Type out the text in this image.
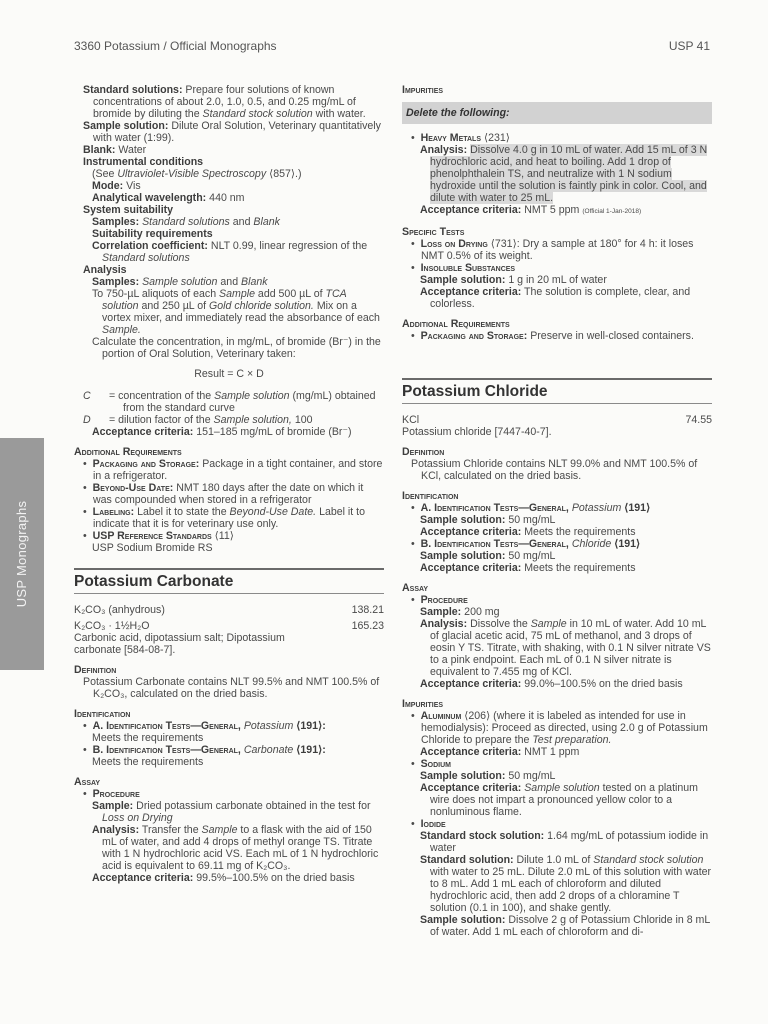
3360 Potassium / Official Monographs	USP 41
USP Monographs

Standard solutions: Prepare four solutions of known concentrations of about 2.0, 1.0, 0.5, and 0.25 mg/mL of bromide by diluting the Standard stock solution with water.

Sample solution: Dilute Oral Solution, Veterinary quantitatively with water (1:99).

Blank: Water

Instrumental conditions

(See Ultraviolet-Visible Spectroscopy ⟨857⟩.)

Mode: Vis

Analytical wavelength: 440 nm

System suitability

Samples: Standard solutions and Blank

Suitability requirements

Correlation coefficient: NLT 0.99, linear regression of the Standard solutions

Analysis

Samples: Sample solution and Blank

To 750-µL aliquots of each Sample add 500 µL of TCA solution and 250 µL of Gold chloride solution. Mix on a vortex mixer, and immediately read the absorbance of each Sample.

Calculate the concentration, in mg/mL, of bromide (Br⁻) in the portion of Oral Solution, Veterinary taken:

Result = C × D

C	= concentration of the Sample solution (mg/mL) obtained from the standard curve
D	= dilution factor of the Sample solution, 100

Acceptance criteria: 151–185 mg/mL of bromide (Br⁻)

Additional Requirements

• Packaging and Storage: Package in a tight container, and store in a refrigerator.

• Beyond-Use Date: NMT 180 days after the date on which it was compounded when stored in a refrigerator

• Labeling: Label it to state the Beyond-Use Date. Label it to indicate that it is for veterinary use only.

• USP Reference Standards ⟨11⟩

USP Sodium Bromide RS

Potassium Carbonate
K₂CO₃ (anhydrous)	138.21
K₂CO₃ · 1½H₂O	165.23

Carbonic acid, dipotassium salt; Dipotassium carbonate [584-08-7].

Definition

Potassium Carbonate contains NLT 99.5% and NMT 100.5% of K₂CO₃, calculated on the dried basis.

Identification

• A. Identification Tests—General, Potassium ⟨191⟩:

Meets the requirements

• B. Identification Tests—General, Carbonate ⟨191⟩:

Meets the requirements

Assay

• Procedure

Sample: Dried potassium carbonate obtained in the test for Loss on Drying

Analysis: Transfer the Sample to a flask with the aid of 150 mL of water, and add 4 drops of methyl orange TS. Titrate with 1 N hydrochloric acid VS. Each mL of 1 N hydrochloric acid is equivalent to 69.11 mg of K₂CO₃.

Acceptance criteria: 99.5%–100.5% on the dried basis

Impurities

Delete the following:

• Heavy Metals ⟨231⟩

Analysis: Dissolve 4.0 g in 10 mL of water. Add 15 mL of 3 N hydrochloric acid, and heat to boiling. Add 1 drop of phenolphthalein TS, and neutralize with 1 N sodium hydroxide until the solution is faintly pink in color. Cool, and dilute with water to 25 mL.

Acceptance criteria: NMT 5 ppm (Official 1-Jan-2018)

Specific Tests

• Loss on Drying ⟨731⟩: Dry a sample at 180° for 4 h: it loses NMT 0.5% of its weight.

• Insoluble Substances

Sample solution: 1 g in 20 mL of water

Acceptance criteria: The solution is complete, clear, and colorless.

Additional Requirements

• Packaging and Storage: Preserve in well-closed containers.

Potassium Chloride
KCl	74.55

Potassium chloride [7447-40-7].

Definition

Potassium Chloride contains NLT 99.0% and NMT 100.5% of KCl, calculated on the dried basis.

Identification

• A. Identification Tests—General, Potassium ⟨191⟩

Sample solution: 50 mg/mL

Acceptance criteria: Meets the requirements

• B. Identification Tests—General, Chloride ⟨191⟩

Sample solution: 50 mg/mL

Acceptance criteria: Meets the requirements

Assay

• Procedure

Sample: 200 mg

Analysis: Dissolve the Sample in 10 mL of water. Add 10 mL of glacial acetic acid, 75 mL of methanol, and 3 drops of eosin Y TS. Titrate, with shaking, with 0.1 N silver nitrate VS to a pink endpoint. Each mL of 0.1 N silver nitrate is equivalent to 7.455 mg of KCl.

Acceptance criteria: 99.0%–100.5% on the dried basis

Impurities

• Aluminum ⟨206⟩ (where it is labeled as intended for use in hemodialysis): Proceed as directed, using 2.0 g of Potassium Chloride to prepare the Test preparation.

Acceptance criteria: NMT 1 ppm

• Sodium

Sample solution: 50 mg/mL

Acceptance criteria: Sample solution tested on a platinum wire does not impart a pronounced yellow color to a nonluminous flame.

• Iodide

Standard stock solution: 1.64 mg/mL of potassium iodide in water

Standard solution: Dilute 1.0 mL of Standard stock solution with water to 25 mL. Dilute 2.0 mL of this solution with water to 8 mL. Add 1 mL each of chloroform and diluted hydrochloric acid, then add 2 drops of a chloramine T solution (0.1 in 100), and shake gently.

Sample solution: Dissolve 2 g of Potassium Chloride in 8 mL of water. Add 1 mL each of chloroform and di-
